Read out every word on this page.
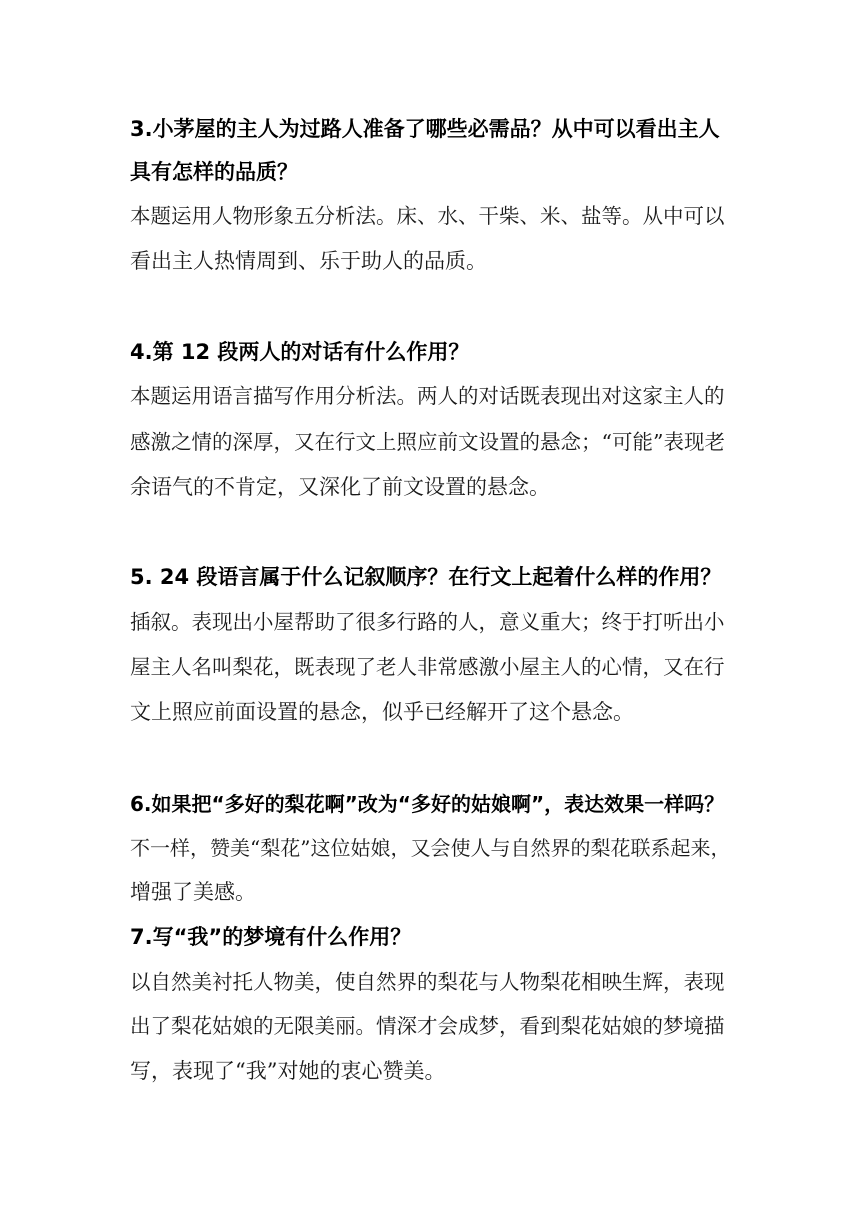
3.小茅屋的主人为过路人准备了哪些必需品？从中可以看出主人
具有怎样的品质？
本题运用人物形象五分析法。床、水、干柴、米、盐等。从中可以
看出主人热情周到、乐于助人的品质。
4.第 12 段两人的对话有什么作用？
本题运用语言描写作用分析法。两人的对话既表现出对这家主人的
感激之情的深厚，又在行文上照应前文设置的悬念；“可能”表现老
余语气的不肯定，又深化了前文设置的悬念。
5. 24 段语言属于什么记叙顺序？在行文上起着什么样的作用？
插叙。表现出小屋帮助了很多行路的人，意义重大；终于打听出小
屋主人名叫梨花，既表现了老人非常感激小屋主人的心情，又在行
文上照应前面设置的悬念，似乎已经解开了这个悬念。
6.如果把“多好的梨花啊”改为“多好的姑娘啊”，表达效果一样吗？
不一样，赞美“梨花”这位姑娘，又会使人与自然界的梨花联系起来，
增强了美感。
7.写“我”的梦境有什么作用？
以自然美衬托人物美，使自然界的梨花与人物梨花相映生辉，表现
出了梨花姑娘的无限美丽。情深才会成梦，看到梨花姑娘的梦境描
写，表现了“我”对她的衷心赞美。
